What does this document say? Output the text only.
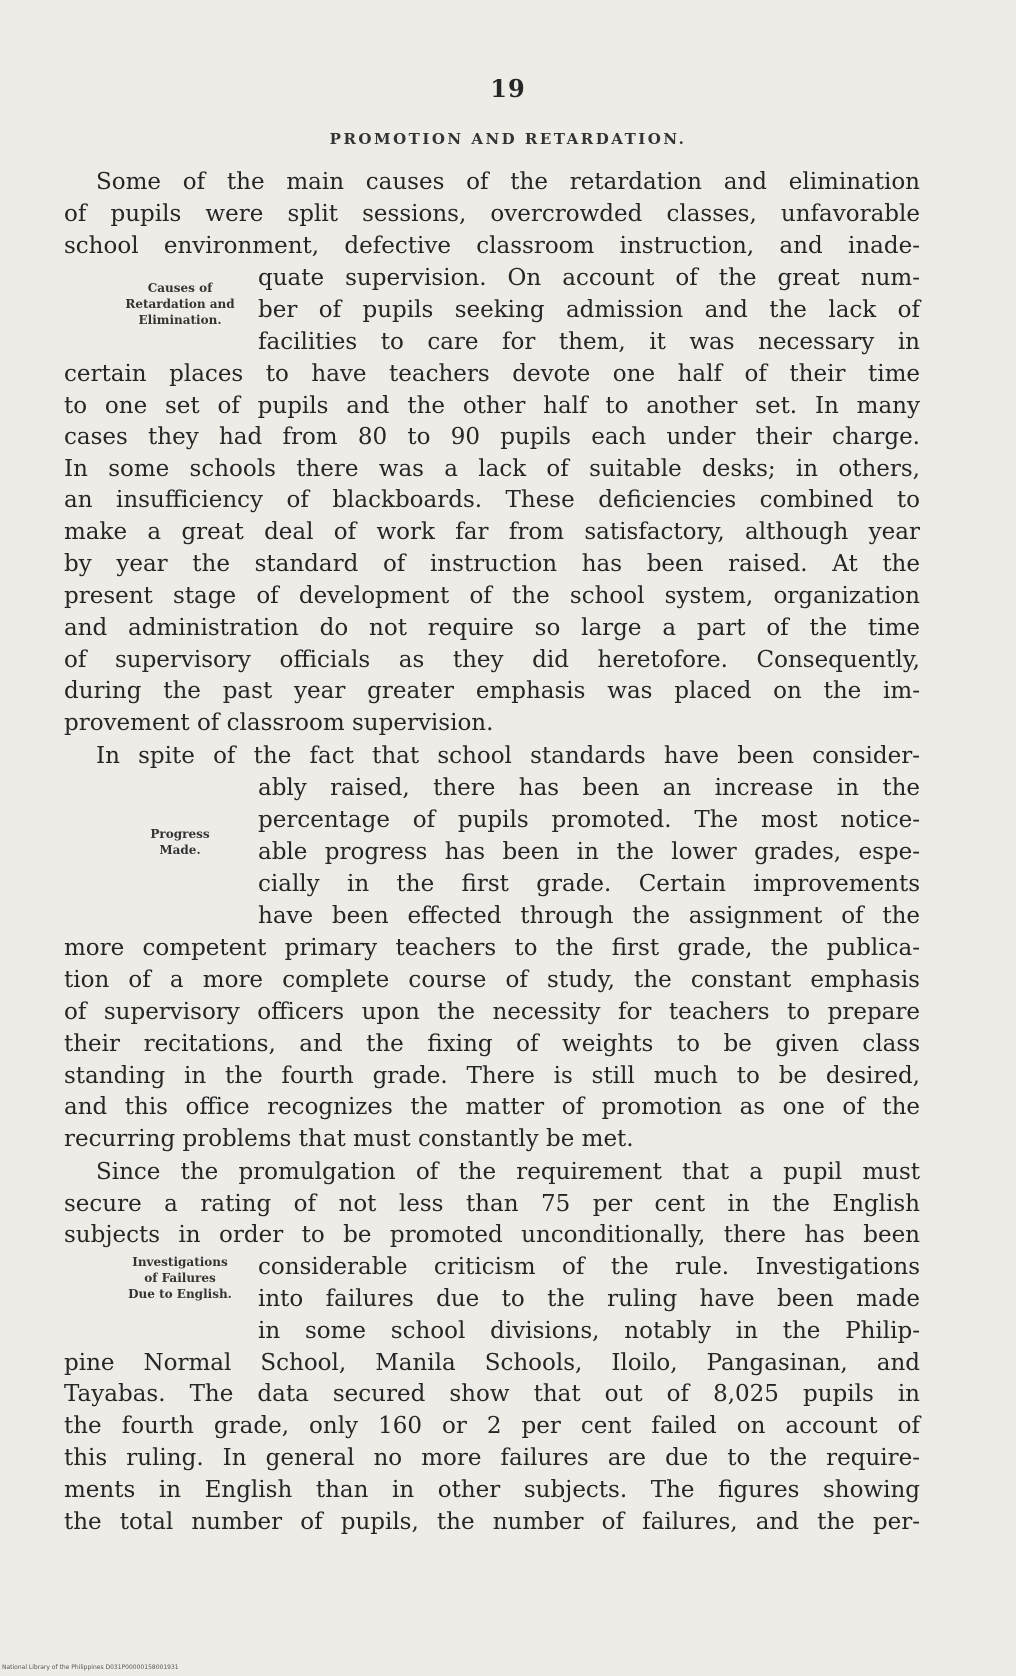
19
PROMOTION AND RETARDATION.
Some of the main causes of the retardation and elimination
of pupils were split sessions, overcrowded classes, unfavorable
school environment, defective classroom instruction, and inade-
quate supervision. On account of the great num-
ber of pupils seeking admission and the lack of
facilities to care for them, it was necessary in
certain places to have teachers devote one half of their time
to one set of pupils and the other half to another set. In many
cases they had from 80 to 90 pupils each under their charge.
In some schools there was a lack of suitable desks; in others,
an insufficiency of blackboards. These deficiencies combined to
make a great deal of work far from satisfactory, although year
by year the standard of instruction has been raised. At the
present stage of development of the school system, organization
and administration do not require so large a part of the time
of supervisory officials as they did heretofore. Consequently,
during the past year greater emphasis was placed on the im-
provement of classroom supervision.
In spite of the fact that school standards have been consider-
ably raised, there has been an increase in the
percentage of pupils promoted. The most notice-
able progress has been in the lower grades, espe-
cially in the first grade. Certain improvements
have been effected through the assignment of the
more competent primary teachers to the first grade, the publica-
tion of a more complete course of study, the constant emphasis
of supervisory officers upon the necessity for teachers to prepare
their recitations, and the fixing of weights to be given class
standing in the fourth grade. There is still much to be desired,
and this office recognizes the matter of promotion as one of the
recurring problems that must constantly be met.
Since the promulgation of the requirement that a pupil must
secure a rating of not less than 75 per cent in the English
subjects in order to be promoted unconditionally, there has been
considerable criticism of the rule. Investigations
into failures due to the ruling have been made
in some school divisions, notably in the Philip-
pine Normal School, Manila Schools, Iloilo, Pangasinan, and
Tayabas. The data secured show that out of 8,025 pupils in
the fourth grade, only 160 or 2 per cent failed on account of
this ruling. In general no more failures are due to the require-
ments in English than in other subjects. The figures showing
the total number of pupils, the number of failures, and the per-
Causes of
Retardation and
Elimination.
Progress
Made.
Investigations
of Failures
Due to English.
National Library of the Philippines D031P00000158001931
